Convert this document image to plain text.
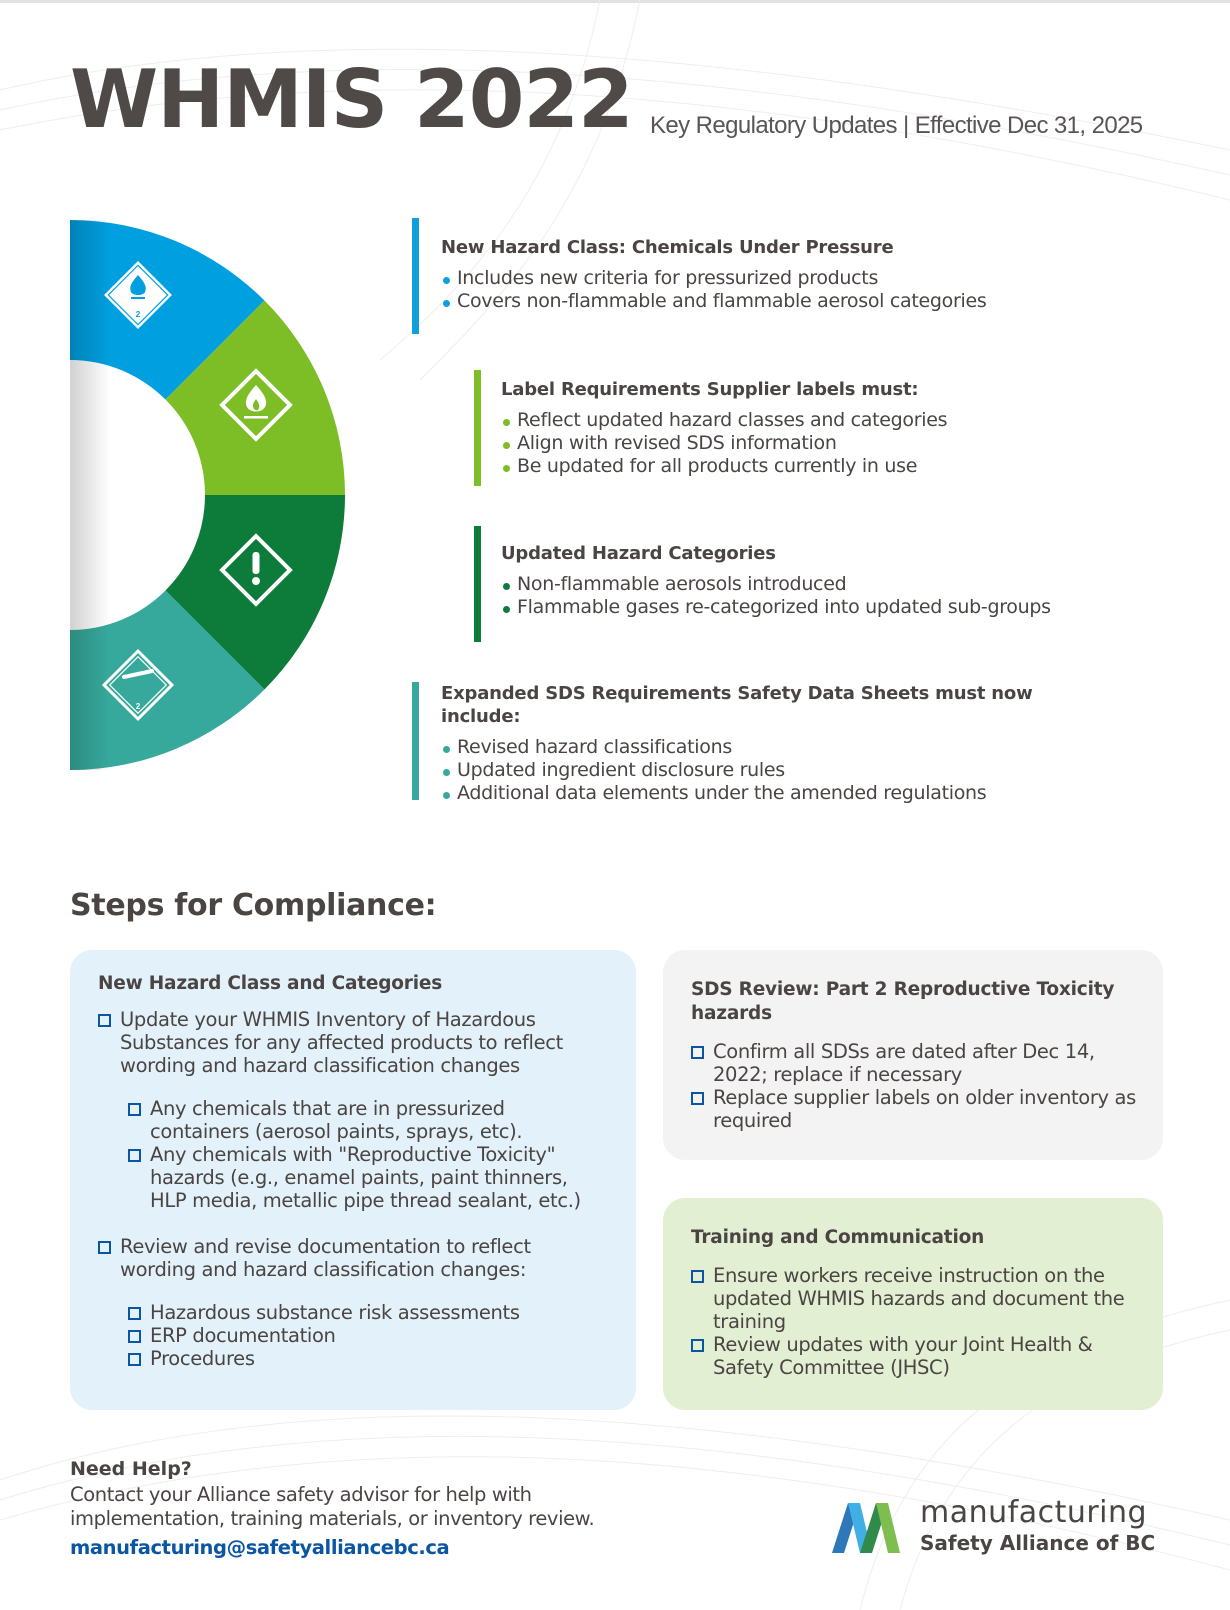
WHMIS 2022 Key Regulatory Updates | Effective Dec 31, 2025
2
2
New Hazard Class: Chemicals Under Pressure
Includes new criteria for pressurized products
Covers non-flammable and flammable aerosol categories
Label Requirements Supplier labels must:
Reflect updated hazard classes and categories
Align with revised SDS information
Be updated for all products currently in use
Updated Hazard Categories
Non-flammable aerosols introduced
Flammable gases re-categorized into updated sub-groups
Expanded SDS Requirements Safety Data Sheets must now include:
Revised hazard classifications
Updated ingredient disclosure rules
Additional data elements under the amended regulations
Steps for Compliance:
New Hazard Class and Categories
Update your WHMIS Inventory of Hazardous Substances for any affected products to reflect wording and hazard classification changes
Any chemicals that are in pressurized containers (aerosol paints, sprays, etc).
Any chemicals with "Reproductive Toxicity" hazards (e.g., enamel paints, paint thinners, HLP media, metallic pipe thread sealant, etc.)
Review and revise documentation to reflect wording and hazard classification changes:
Hazardous substance risk assessments
ERP documentation
Procedures
SDS Review: Part 2 Reproductive Toxicity hazards
Confirm all SDSs are dated after Dec 14, 2022; replace if necessary
Replace supplier labels on older inventory as required
Training and Communication
Ensure workers receive instruction on the updated WHMIS hazards and document the training
Review updates with your Joint Health & Safety Committee (JHSC)
Need Help?

Contact your Alliance safety advisor for help with implementation, training materials, or inventory review.

manufacturing@safetyalliancebc.ca
manufacturing
Safety Alliance of BC
